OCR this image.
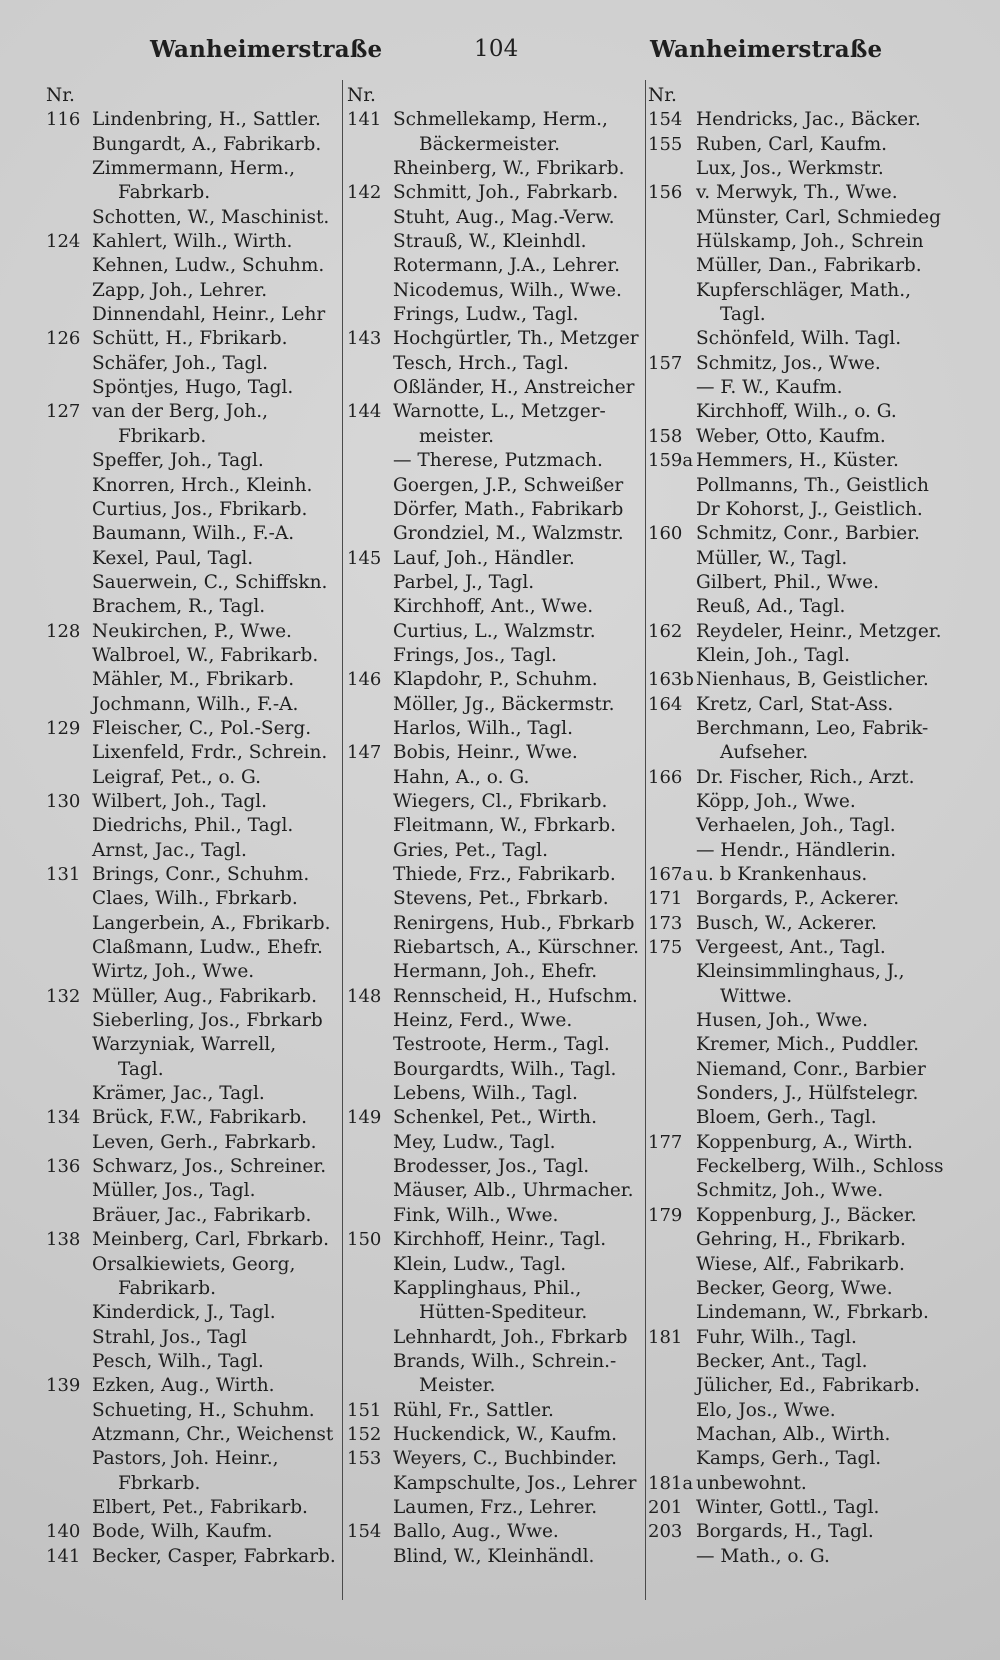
Wanheimerstraße	104	Wanheimerstraße
Nr.
116 Lindenbring, H., Sattler.
Bungardt, A., Fabrikarb.
Zimmermann, Herm.,
Fabrkarb.
Schotten, W., Maschinist.
124 Kahlert, Wilh., Wirth.
Kehnen, Ludw., Schuhm.
Zapp, Joh., Lehrer.
Dinnendahl, Heinr., Lehr
126 Schütt, H., Fbrikarb.
Schäfer, Joh., Tagl.
Spöntjes, Hugo, Tagl.
127 van der Berg, Joh.,
Fbrikarb.
Speffer, Joh., Tagl.
Knorren, Hrch., Kleinh.
Curtius, Jos., Fbrikarb.
Baumann, Wilh., F.-A.
Kexel, Paul, Tagl.
Sauerwein, C., Schiffskn.
Brachem, R., Tagl.
128 Neukirchen, P., Wwe.
Walbroel, W., Fabrikarb.
Mähler, M., Fbrikarb.
Jochmann, Wilh., F.-A.
129 Fleischer, C., Pol.-Serg.
Lixenfeld, Frdr., Schrein.
Leigraf, Pet., o. G.
130 Wilbert, Joh., Tagl.
Diedrichs, Phil., Tagl.
Arnst, Jac., Tagl.
131 Brings, Conr., Schuhm.
Claes, Wilh., Fbrkarb.
Langerbein, A., Fbrikarb.
Claßmann, Ludw., Ehefr.
Wirtz, Joh., Wwe.
132 Müller, Aug., Fabrikarb.
Sieberling, Jos., Fbrkarb
Warzyniak, Warrell,
Tagl.
Krämer, Jac., Tagl.
134 Brück, F.W., Fabrikarb.
Leven, Gerh., Fabrkarb.
136 Schwarz, Jos., Schreiner.
Müller, Jos., Tagl.
Bräuer, Jac., Fabrikarb.
138 Meinberg, Carl, Fbrkarb.
Orsalkiewiets, Georg,
Fabrikarb.
Kinderdick, J., Tagl.
Strahl, Jos., Tagl
Pesch, Wilh., Tagl.
139 Ezken, Aug., Wirth.
Schueting, H., Schuhm.
Atzmann, Chr., Weichenst
Pastors, Joh. Heinr.,
Fbrkarb.
Elbert, Pet., Fabrikarb.
140 Bode, Wilh, Kaufm.
141 Becker, Casper, Fabrkarb.
Nr.
141 Schmellekamp, Herm.,
Bäckermeister.
Rheinberg, W., Fbrikarb.
142 Schmitt, Joh., Fabrkarb.
Stuht, Aug., Mag.-Verw.
Strauß, W., Kleinhdl.
Rotermann, J.A., Lehrer.
Nicodemus, Wilh., Wwe.
Frings, Ludw., Tagl.
143 Hochgürtler, Th., Metzger
Tesch, Hrch., Tagl.
Oßländer, H., Anstreicher
144 Warnotte, L., Metzger-
meister.
— Therese, Putzmach.
Goergen, J.P., Schweißer
Dörfer, Math., Fabrikarb
Grondziel, M., Walzmstr.
145 Lauf, Joh., Händler.
Parbel, J., Tagl.
Kirchhoff, Ant., Wwe.
Curtius, L., Walzmstr.
Frings, Jos., Tagl.
146 Klapdohr, P., Schuhm.
Möller, Jg., Bäckermstr.
Harlos, Wilh., Tagl.
147 Bobis, Heinr., Wwe.
Hahn, A., o. G.
Wiegers, Cl., Fbrikarb.
Fleitmann, W., Fbrkarb.
Gries, Pet., Tagl.
Thiede, Frz., Fabrikarb.
Stevens, Pet., Fbrkarb.
Renirgens, Hub., Fbrkarb
Riebartsch, A., Kürschner.
Hermann, Joh., Ehefr.
148 Rennscheid, H., Hufschm.
Heinz, Ferd., Wwe.
Testroote, Herm., Tagl.
Bourgardts, Wilh., Tagl.
Lebens, Wilh., Tagl.
149 Schenkel, Pet., Wirth.
Mey, Ludw., Tagl.
Brodesser, Jos., Tagl.
Mäuser, Alb., Uhrmacher.
Fink, Wilh., Wwe.
150 Kirchhoff, Heinr., Tagl.
Klein, Ludw., Tagl.
Kapplinghaus, Phil.,
Hütten-Spediteur.
Lehnhardt, Joh., Fbrkarb
Brands, Wilh., Schrein.-
Meister.
151 Rühl, Fr., Sattler.
152 Huckendick, W., Kaufm.
153 Weyers, C., Buchbinder.
Kampschulte, Jos., Lehrer
Laumen, Frz., Lehrer.
154 Ballo, Aug., Wwe.
Blind, W., Kleinhändl.
Nr.
154 Hendricks, Jac., Bäcker.
155 Ruben, Carl, Kaufm.
Lux, Jos., Werkmstr.
156 v. Merwyk, Th., Wwe.
Münster, Carl, Schmiedeg
Hülskamp, Joh., Schrein
Müller, Dan., Fabrikarb.
Kupferschläger, Math.,
Tagl.
Schönfeld, Wilh. Tagl.
157 Schmitz, Jos., Wwe.
— F. W., Kaufm.
Kirchhoff, Wilh., o. G.
158 Weber, Otto, Kaufm.
159a Hemmers, H., Küster.
Pollmanns, Th., Geistlich
Dr Kohorst, J., Geistlich.
160 Schmitz, Conr., Barbier.
Müller, W., Tagl.
Gilbert, Phil., Wwe.
Reuß, Ad., Tagl.
162 Reydeler, Heinr., Metzger.
Klein, Joh., Tagl.
163b Nienhaus, B, Geistlicher.
164 Kretz, Carl, Stat-Ass.
Berchmann, Leo, Fabrik-
Aufseher.
166 Dr. Fischer, Rich., Arzt.
Köpp, Joh., Wwe.
Verhaelen, Joh., Tagl.
— Hendr., Händlerin.
167a u. b Krankenhaus.
171 Borgards, P., Ackerer.
173 Busch, W., Ackerer.
175 Vergeest, Ant., Tagl.
Kleinsimmlinghaus, J.,
Wittwe.
Husen, Joh., Wwe.
Kremer, Mich., Puddler.
Niemand, Conr., Barbier
Sonders, J., Hülfstelegr.
Bloem, Gerh., Tagl.
177 Koppenburg, A., Wirth.
Feckelberg, Wilh., Schloss
Schmitz, Joh., Wwe.
179 Koppenburg, J., Bäcker.
Gehring, H., Fbrikarb.
Wiese, Alf., Fabrikarb.
Becker, Georg, Wwe.
Lindemann, W., Fbrkarb.
181 Fuhr, Wilh., Tagl.
Becker, Ant., Tagl.
Jülicher, Ed., Fabrikarb.
Elo, Jos., Wwe.
Machan, Alb., Wirth.
Kamps, Gerh., Tagl.
181a unbewohnt.
201 Winter, Gottl., Tagl.
203 Borgards, H., Tagl.
— Math., o. G.
